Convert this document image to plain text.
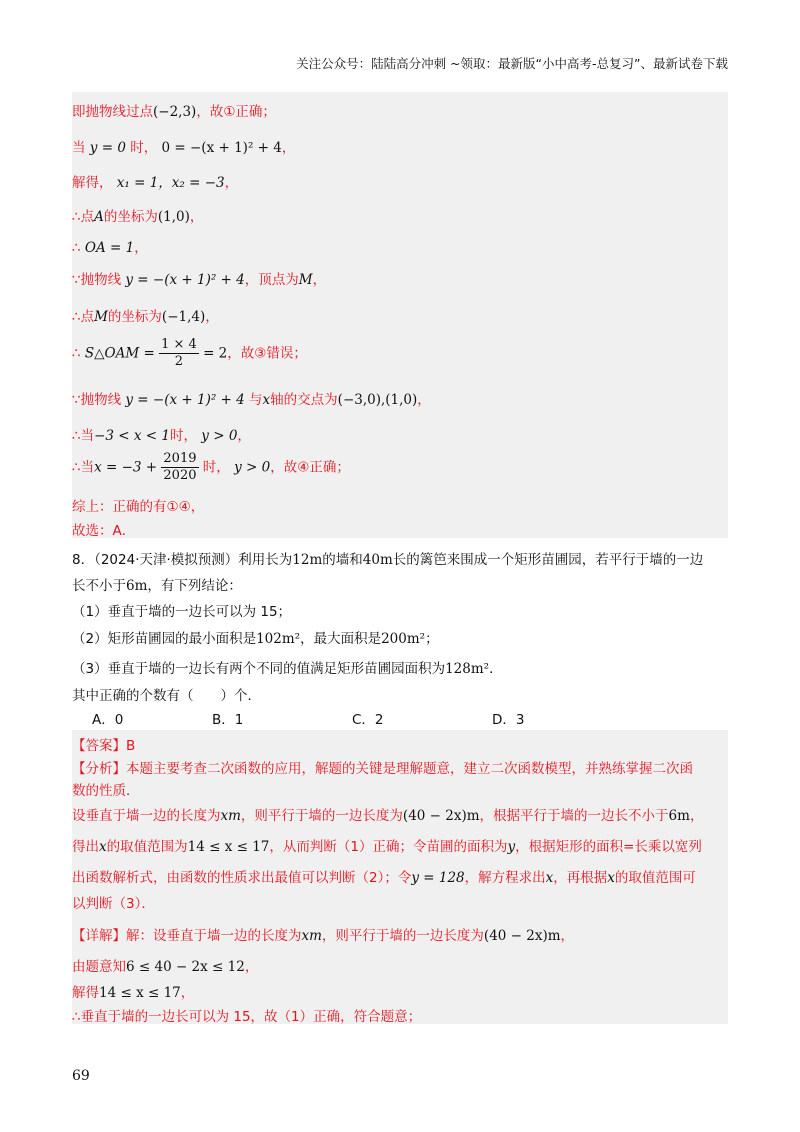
关注公众号：陆陆高分冲刺 ~领取：最新版“小中高考-总复习”、最新试卷下载
即抛物线过点(−2,3)，故①正确；
当 y = 0 时， 0 = −(x + 1)² + 4，
解得， x₁ = 1，x₂ = −3，
∴点A的坐标为(1,0)，
∴ OA = 1，
∵抛物线 y = −(x + 1)² + 4，顶点为M，
∴点M的坐标为(−1,4)，
∴ S△OAM = $\frac{1 \times 4}{2} = 2$，故③错误；
∵抛物线 y = −(x + 1)² + 4 与x轴的交点为(−3,0),(1,0)，
∴当−3 < x < 1时， y > 0，
∴当$x = -3 + \frac{2019}{2020}$ 时， y > 0，故④正确；
综上：正确的有①④，
故选：A．
8．（2024·天津·模拟预测）利用长为12m的墙和40m长的篱笆来围成一个矩形苗圃园，若平行于墙的一边
长不小于6m，有下列结论：
（1）垂直于墙的一边长可以为 15；
（2）矩形苗圃园的最小面积是102m²，最大面积是200m²；
（3）垂直于墙的一边长有两个不同的值满足矩形苗圃园面积为128m²．
其中正确的个数有（　　）个．
A．0	B．1	C．2	D．3
【答案】B
【分析】本题主要考查二次函数的应用，解题的关键是理解题意，建立二次函数模型，并熟练掌握二次函
数的性质．
设垂直于墙一边的长度为xm，则平行于墙的一边长度为(40 − 2x)m，根据平行于墙的一边长不小于6m，
得出x的取值范围为14 ≤ x ≤ 17，从而判断（1）正确；令苗圃的面积为y，根据矩形的面积=长乘以宽列
出函数解析式，由函数的性质求出最值可以判断（2）；令y = 128，解方程求出x，再根据x的取值范围可
以判断（3）．
【详解】解：设垂直于墙一边的长度为xm，则平行于墙的一边长度为(40 − 2x)m，
由题意知6 ≤ 40 − 2x ≤ 12，
解得14 ≤ x ≤ 17，
∴垂直于墙的一边长可以为 15，故（1）正确，符合题意；
69
